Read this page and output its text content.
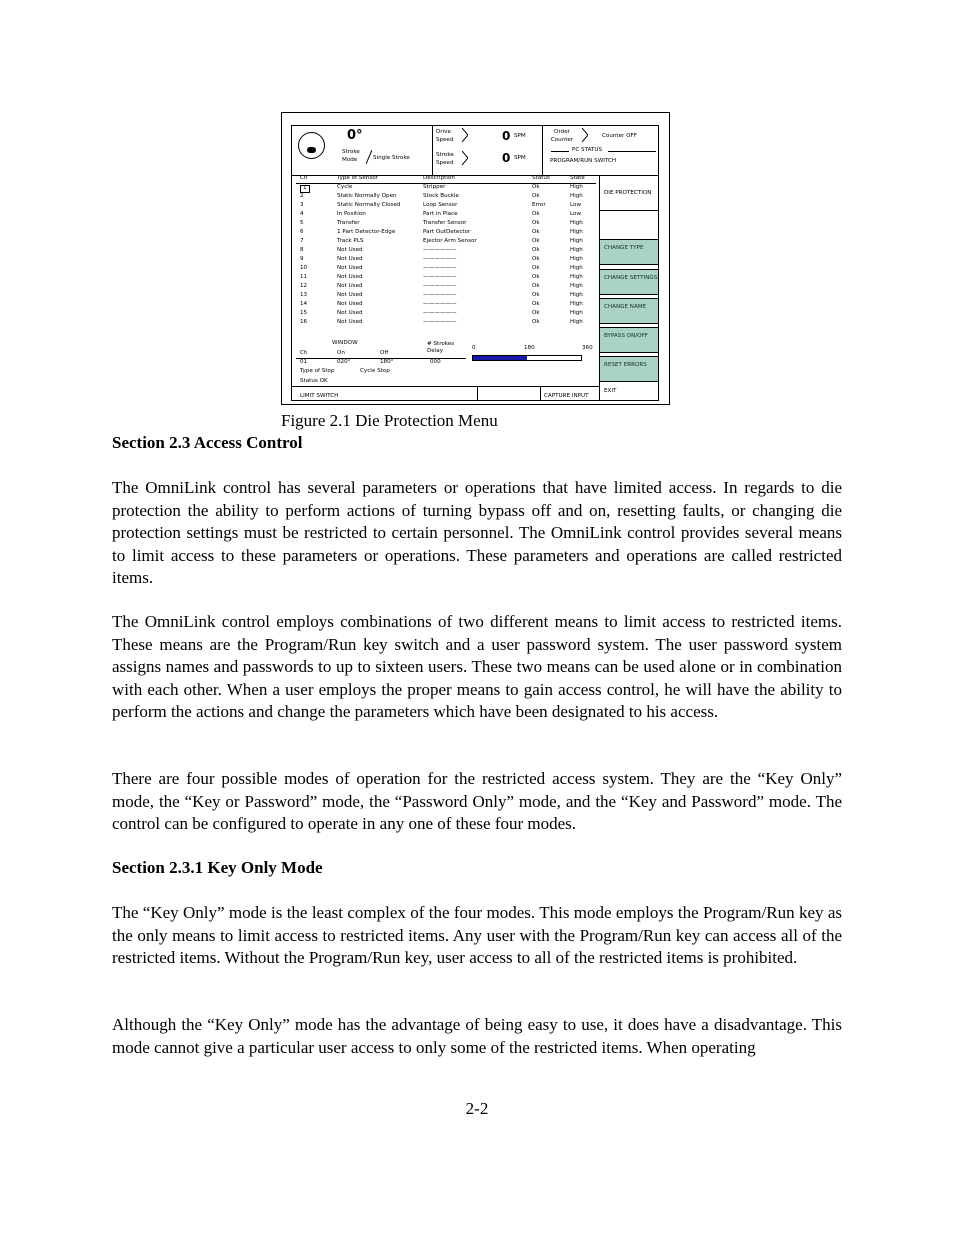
0°
Stroke Mode	Single Stroke
Drive Speed
Stroke Speed
0 SPM
0 SPM
Order Counter
Counter OFF
PC STATUS
PROGRAM/RUN SWITCH
Ch	Type of Sensor	Description	Status	State
1	Cycle	Stripper	Ok	High
2	Static Normally Open	Stock Buckle	Ok	High
3	Static Normally Closed	Loop Sensor	Error	Low
4	In Position	Part in Place	Ok	Low
5	Transfer	Transfer Sensor	Ok	High
6	1 Part Detector-Edge	Part OutDetector	Ok	High
7	Track PLS	Ejector Arm Sensor	Ok	High
8	Not Used	——————	Ok	High
9	Not Used	——————	Ok	High
10	Not Used	——————	Ok	High
11	Not Used	——————	Ok	High
12	Not Used	——————	Ok	High
13	Not Used	——————	Ok	High
14	Not Used	——————	Ok	High
15	Not Used	——————	Ok	High
16	Not Used	——————	Ok	High
WINDOW	# Strokes Delay	0	180	360
Ch	On	Off
01	020°	180°	000
Type of Stop	Cycle Stop
Status OK
LIMIT SWITCH	CAPTURE INPUT
DIE PROTECTION
CHANGE TYPE
CHANGE SETTINGS
CHANGE NAME
BYPASS ON/OFF
RESET ERRORS
EXIT
Figure 2.1 Die Protection Menu
Section 2.3 Access Control

The OmniLink control has several parameters or operations that have limited access. In regards to die protection the ability to perform actions of turning bypass off and on, resetting faults, or changing die protection settings must be restricted to certain personnel. The OmniLink control provides several means to limit access to these parameters or operations. These parameters and operations are called restricted items.

The OmniLink control employs combinations of two different means to limit access to restricted items. These means are the Program/Run key switch and a user password system. The user password system assigns names and passwords to up to sixteen users. These two means can be used alone or in combination with each other. When a user employs the proper means to gain access control, he will have the ability to perform the actions and change the parameters which have been designated to his access.

There are four possible modes of operation for the restricted access system. They are the “Key Only” mode, the “Key or Password” mode, the “Password Only” mode, and the “Key and Password” mode. The control can be configured to operate in any one of these four modes.

Section 2.3.1 Key Only Mode

The “Key Only” mode is the least complex of the four modes. This mode employs the Program/Run key as the only means to limit access to restricted items. Any user with the Program/Run key can access all of the restricted items. Without the Program/Run key, user access to all of the restricted items is prohibited.

Although the “Key Only” mode has the advantage of being easy to use, it does have a disadvantage. This mode cannot give a particular user access to only some of the restricted items. When operating

2-2
